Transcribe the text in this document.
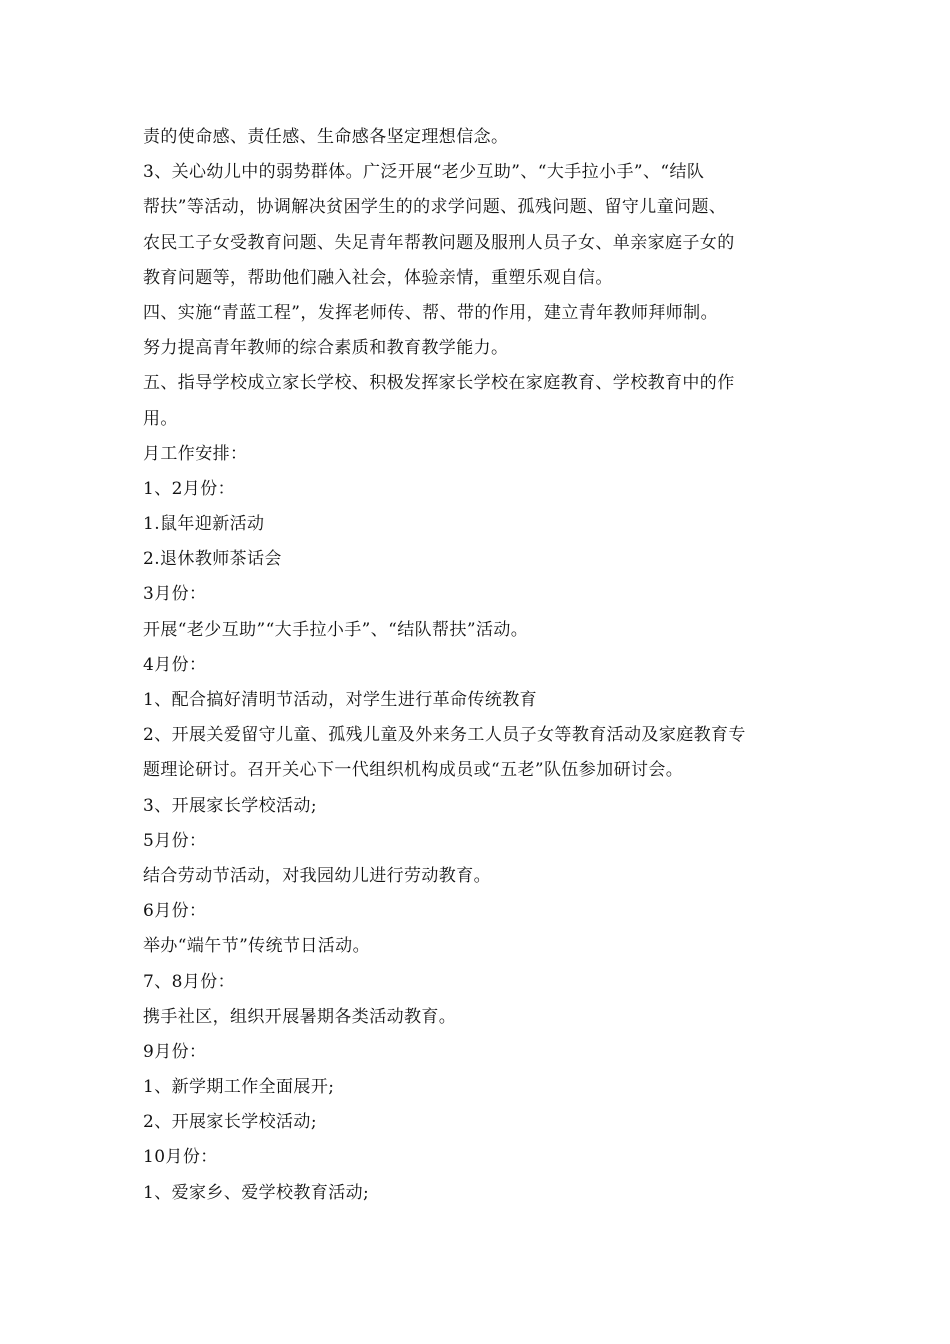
责的使命感、责任感、生命感各坚定理想信念。
3、关心幼儿中的弱势群体。广泛开展“老少互助”、“大手拉小手”、“结队
帮扶”等活动，协调解决贫困学生的的求学问题、孤残问题、留守儿童问题、
农民工子女受教育问题、失足青年帮教问题及服刑人员子女、单亲家庭子女的
教育问题等，帮助他们融入社会，体验亲情，重塑乐观自信。
四、实施“青蓝工程”，发挥老师传、帮、带的作用，建立青年教师拜师制。
努力提高青年教师的综合素质和教育教学能力。
五、指导学校成立家长学校、积极发挥家长学校在家庭教育、学校教育中的作
用。
月工作安排：
1、2月份：
1.鼠年迎新活动
2.退休教师茶话会
3月份：
开展“老少互助”“大手拉小手”、“结队帮扶”活动。
4月份：
1、配合搞好清明节活动，对学生进行革命传统教育
2、开展关爱留守儿童、孤残儿童及外来务工人员子女等教育活动及家庭教育专
题理论研讨。召开关心下一代组织机构成员或“五老”队伍参加研讨会。
3、开展家长学校活动;
5月份：
结合劳动节活动，对我园幼儿进行劳动教育。
6月份：
举办“端午节”传统节日活动。
7、8月份：
携手社区，组织开展暑期各类活动教育。
9月份：
1、新学期工作全面展开;
2、开展家长学校活动;
10月份：
1、爱家乡、爱学校教育活动;
